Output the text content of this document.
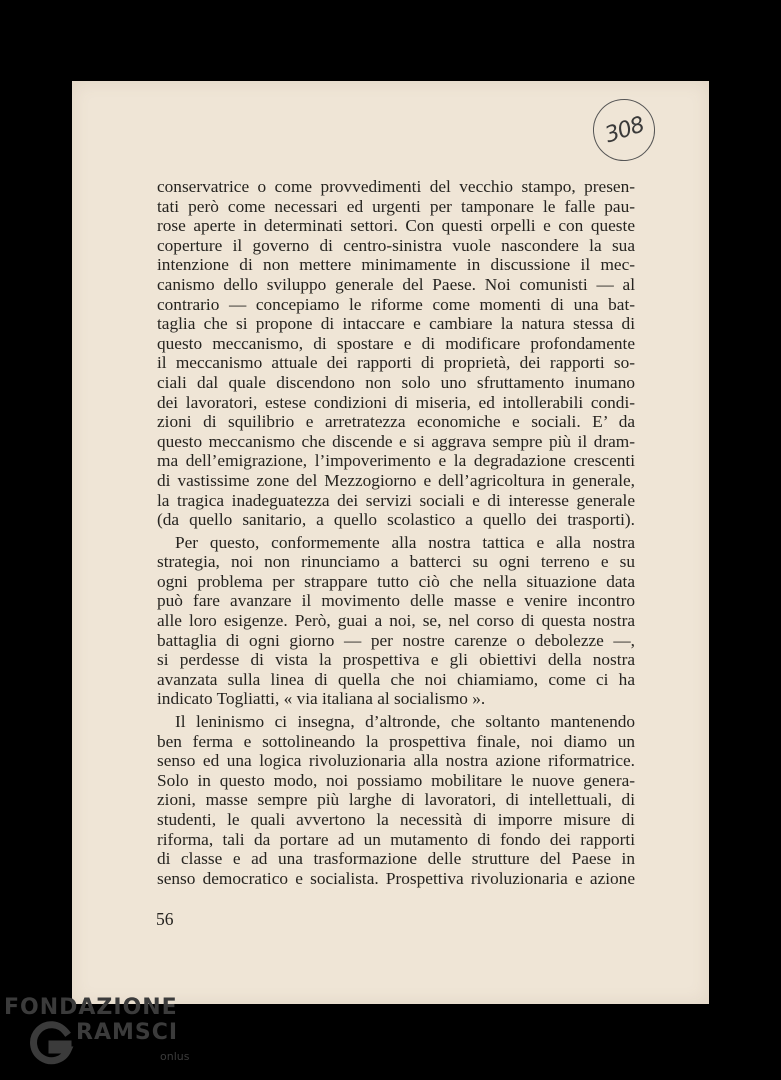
308
conservatrice o come provvedimenti del vecchio stampo, presen-
tati però come necessari ed urgenti per tamponare le falle pau-
rose aperte in determinati settori. Con questi orpelli e con queste
coperture il governo di centro-sinistra vuole nascondere la sua
intenzione di non mettere minimamente in discussione il mec-
canismo dello sviluppo generale del Paese. Noi comunisti — al
contrario — concepiamo le riforme come momenti di una bat-
taglia che si propone di intaccare e cambiare la natura stessa di
questo meccanismo, di spostare e di modificare profondamente
il meccanismo attuale dei rapporti di proprietà, dei rapporti so-
ciali dal quale discendono non solo uno sfruttamento inumano
dei lavoratori, estese condizioni di miseria, ed intollerabili condi-
zioni di squilibrio e arretratezza economiche e sociali. E’ da
questo meccanismo che discende e si aggrava sempre più il dram-
ma dell’emigrazione, l’impoverimento e la degradazione crescenti
di vastissime zone del Mezzogiorno e dell’agricoltura in generale,
la tragica inadeguatezza dei servizi sociali e di interesse generale
(da quello sanitario, a quello scolastico a quello dei trasporti).
Per questo, conformemente alla nostra tattica e alla nostra
strategia, noi non rinunciamo a batterci su ogni terreno e su
ogni problema per strappare tutto ciò che nella situazione data
può fare avanzare il movimento delle masse e venire incontro
alle loro esigenze. Però, guai a noi, se, nel corso di questa nostra
battaglia di ogni giorno — per nostre carenze o debolezze —,
si perdesse di vista la prospettiva e gli obiettivi della nostra
avanzata sulla linea di quella che noi chiamiamo, come ci ha
indicato Togliatti, « via italiana al socialismo ».
Il leninismo ci insegna, d’altronde, che soltanto mantenendo
ben ferma e sottolineando la prospettiva finale, noi diamo un
senso ed una logica rivoluzionaria alla nostra azione riformatrice.
Solo in questo modo, noi possiamo mobilitare le nuove genera-
zioni, masse sempre più larghe di lavoratori, di intellettuali, di
studenti, le quali avvertono la necessità di imporre misure di
riforma, tali da portare ad un mutamento di fondo dei rapporti
di classe e ad una trasformazione delle strutture del Paese in
senso democratico e socialista. Prospettiva rivoluzionaria e azione
56
FONDAZIONE
RAMSCI
onlus
